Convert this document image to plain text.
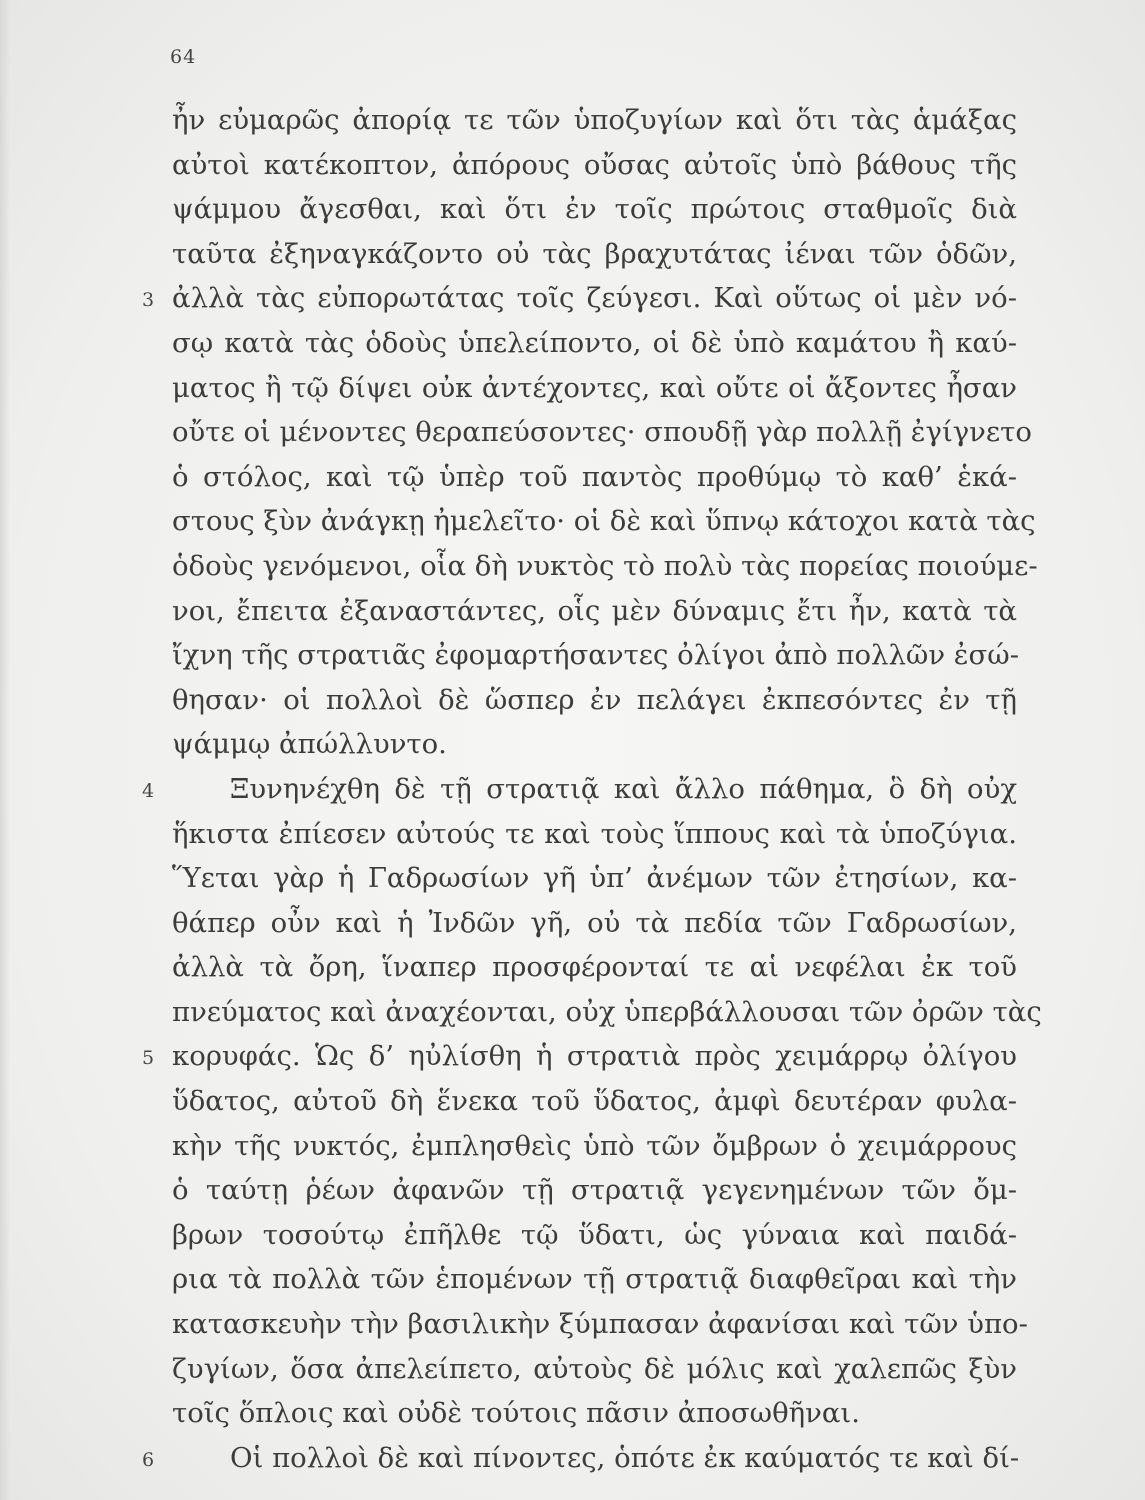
64
ἦν εὐμαρῶς ἀπορίᾳ τε τῶν ὑποζυγίων καὶ ὅτι τὰς ἁμάξας
αὐτοὶ κατέκοπτον, ἀπόρους οὔσας αὐτοῖς ὑπὸ βάθους τῆς
ψάμμου ἄγεσθαι, καὶ ὅτι ἐν τοῖς πρώτοις σταθμοῖς διὰ
ταῦτα ἐξηναγκάζοντο οὐ τὰς βραχυτάτας ἰέναι τῶν ὁδῶν,
ἀλλὰ τὰς εὐπορωτάτας τοῖς ζεύγεσι. Καὶ οὕτως οἱ μὲν νό-
3
σῳ κατὰ τὰς ὁδοὺς ὑπελείποντο, οἱ δὲ ὑπὸ καμάτου ἢ καύ-
ματος ἢ τῷ δίψει οὐκ ἀντέχοντες, καὶ οὔτε οἱ ἄξοντες ἦσαν
οὔτε οἱ μένοντες θεραπεύσοντες· σπουδῇ γὰρ πολλῇ ἐγίγνετο
ὁ στόλος, καὶ τῷ ὑπὲρ τοῦ παντὸς προθύμῳ τὸ καθ’ ἑκά-
στους ξὺν ἀνάγκῃ ἠμελεῖτο· οἱ δὲ καὶ ὕπνῳ κάτοχοι κατὰ τὰς
ὁδοὺς γενόμενοι, οἷα δὴ νυκτὸς τὸ πολὺ τὰς πορείας ποιούμε-
νοι, ἔπειτα ἐξαναστάντες, οἷς μὲν δύναμις ἔτι ἦν, κατὰ τὰ
ἴχνη τῆς στρατιᾶς ἐφομαρτήσαντες ὀλίγοι ἀπὸ πολλῶν ἐσώ-
θησαν· οἱ πολλοὶ δὲ ὥσπερ ἐν πελάγει ἐκπεσόντες ἐν τῇ
ψάμμῳ ἀπώλλυντο.
Ξυνηνέχθη δὲ τῇ στρατιᾷ καὶ ἄλλο πάθημα, ὃ δὴ οὐχ
4
ἥκιστα ἐπίεσεν αὐτούς τε καὶ τοὺς ἵππους καὶ τὰ ὑποζύγια.
Ὕεται γὰρ ἡ Γαδρωσίων γῆ ὑπ’ ἀνέμων τῶν ἐτησίων, κα-
θάπερ οὖν καὶ ἡ Ἰνδῶν γῆ, οὐ τὰ πεδία τῶν Γαδρωσίων,
ἀλλὰ τὰ ὄρη, ἵναπερ προσφέρονταί τε αἱ νεφέλαι ἐκ τοῦ
πνεύματος καὶ ἀναχέονται, οὐχ ὑπερβάλλουσαι τῶν ὀρῶν τὰς
κορυφάς. Ὡς δ’ ηὐλίσθη ἡ στρατιὰ πρὸς χειμάρρῳ ὀλίγου
5
ὕδατος, αὐτοῦ δὴ ἕνεκα τοῦ ὕδατος, ἀμφὶ δευτέραν φυλα-
κὴν τῆς νυκτός, ἐμπλησθεὶς ὑπὸ τῶν ὄμβρων ὁ χειμάρρους
ὁ ταύτῃ ῥέων ἀφανῶν τῇ στρατιᾷ γεγενημένων τῶν ὄμ-
βρων τοσούτῳ ἐπῆλθε τῷ ὕδατι, ὡς γύναια καὶ παιδά-
ρια τὰ πολλὰ τῶν ἑπομένων τῇ στρατιᾷ διαφθεῖραι καὶ τὴν
κατασκευὴν τὴν βασιλικὴν ξύμπασαν ἀφανίσαι καὶ τῶν ὑπο-
ζυγίων, ὅσα ἀπελείπετο, αὐτοὺς δὲ μόλις καὶ χαλεπῶς ξὺν
τοῖς ὅπλοις καὶ οὐδὲ τούτοις πᾶσιν ἀποσωθῆναι.
Οἱ πολλοὶ δὲ καὶ πίνοντες, ὁπότε ἐκ καύματός τε καὶ δί-
6
